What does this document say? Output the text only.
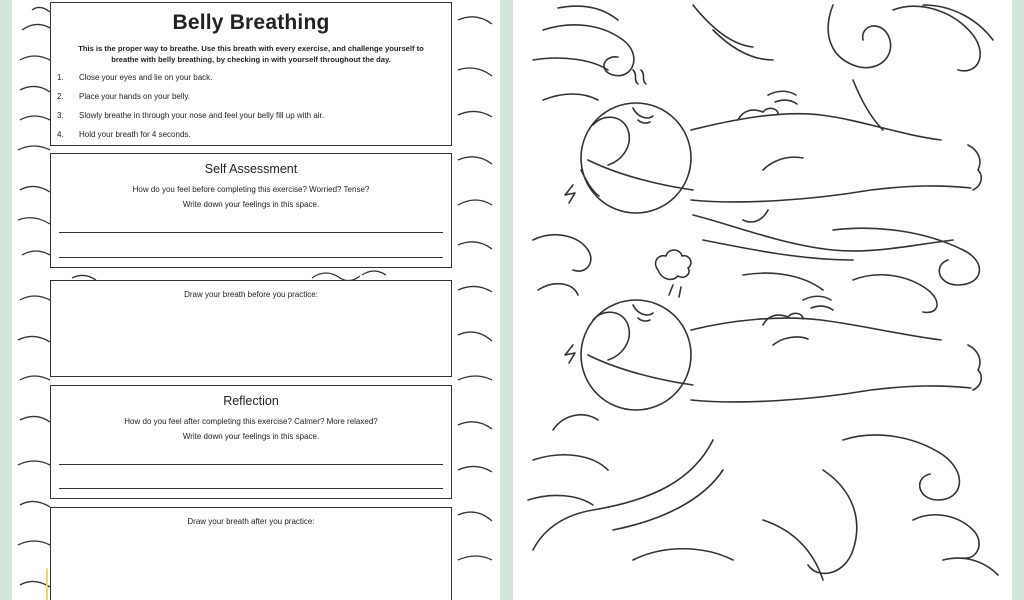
Belly Breathing
This is the proper way to breathe. Use this breath with every exercise, and challenge yourself to breathe with belly breathing, by checking in with yourself throughout the day.
1. Close your eyes and lie on your back.
2. Place your hands on your belly.
3. Slowly breathe in through your nose and feel your belly fill up with air.
4. Hold your breath for 4 seconds.
Self Assessment
How do you feel before completing this exercise? Worried? Tense?
Write down your feelings in this space.
Draw your breath before you practice:
Reflection
How do you feel after completing this exercise? Calmer? More relaxed?
Write down your feelings in this space.
Draw your breath after you practice:
│
